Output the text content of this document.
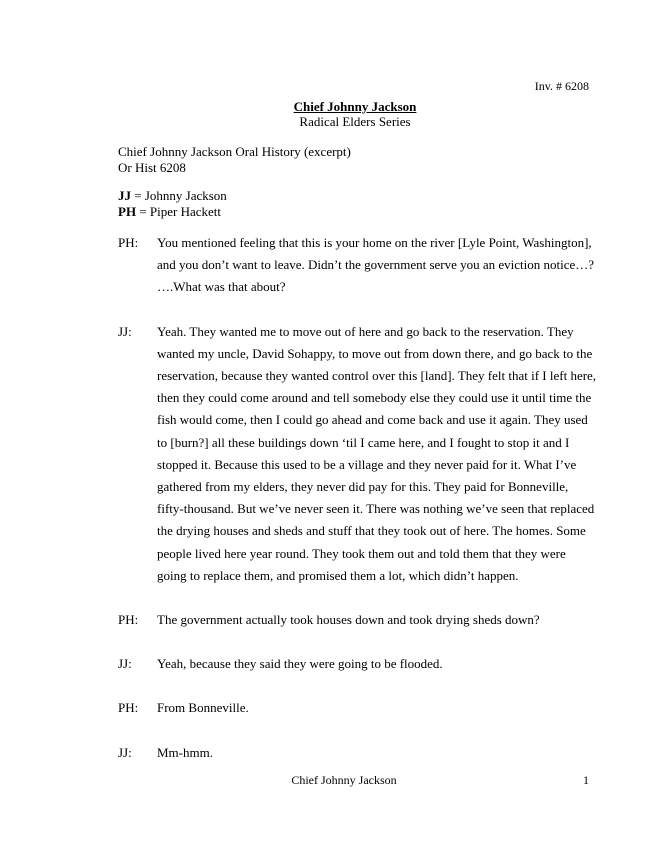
Inv. # 6208
Chief Johnny Jackson
Radical Elders Series
Chief Johnny Jackson Oral History (excerpt)
Or Hist 6208
JJ = Johnny Jackson
PH = Piper Hackett

PH: You mentioned feeling that this is your home on the river [Lyle Point, Washington], and you don’t want to leave. Didn’t the government serve you an eviction notice…? ….What was that about?

JJ: Yeah. They wanted me to move out of here and go back to the reservation. They wanted my uncle, David Sohappy, to move out from down there, and go back to the reservation, because they wanted control over this [land]. They felt that if I left here, then they could come around and tell somebody else they could use it until time the fish would come, then I could go ahead and come back and use it again. They used to [burn?] all these buildings down ‘til I came here, and I fought to stop it and I stopped it. Because this used to be a village and they never paid for it. What I’ve gathered from my elders, they never did pay for this. They paid for Bonneville, fifty-thousand. But we’ve never seen it. There was nothing we’ve seen that replaced the drying houses and sheds and stuff that they took out of here. The homes. Some people lived here year round. They took them out and told them that they were going to replace them, and promised them a lot, which didn’t happen.

PH: The government actually took houses down and took drying sheds down?

JJ: Yeah, because they said they were going to be flooded.

PH: From Bonneville.

JJ: Mm-hmm.

Chief Johnny Jackson	1
